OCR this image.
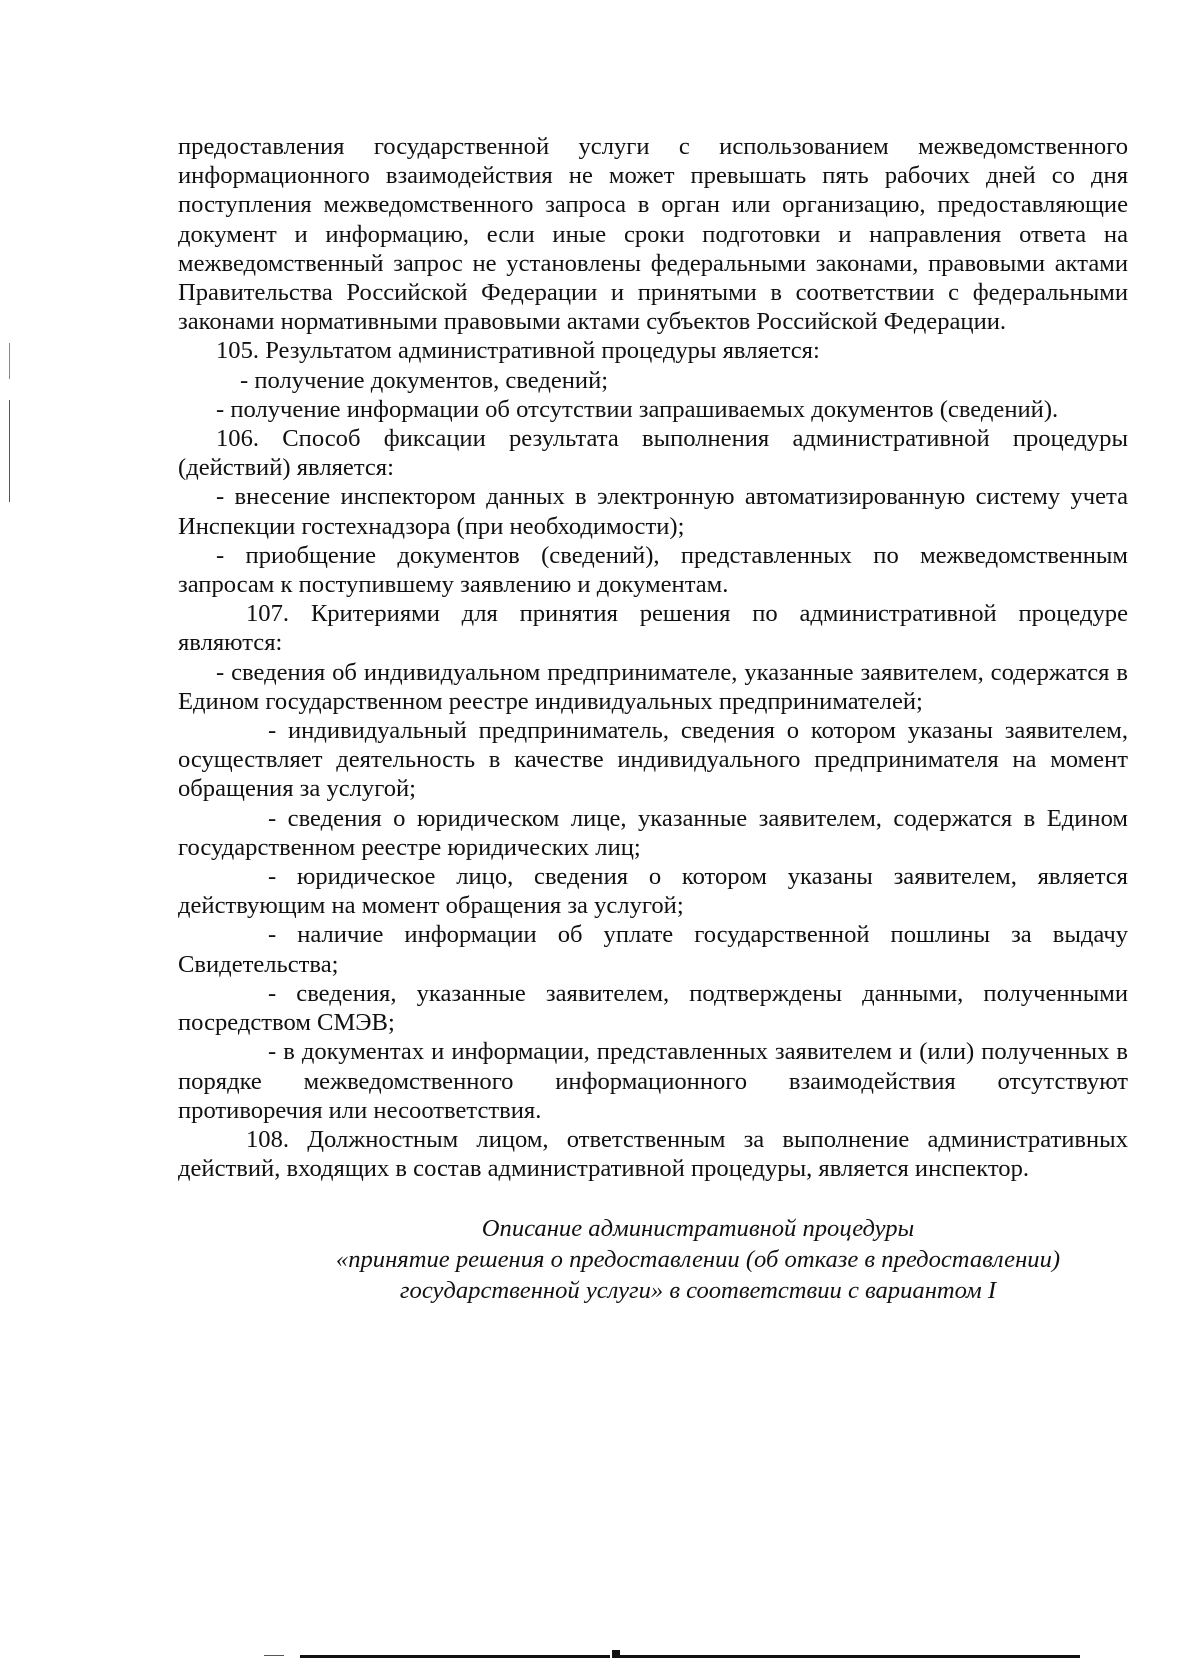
предоставления государственной услуги с использованием межведомственного информационного взаимодействия не может превышать пять рабочих дней со дня поступления межведомственного запроса в орган или организацию, предоставляющие документ и информацию, если иные сроки подготовки и направления ответа на межведомственный запрос не установлены федеральными законами, правовыми актами Правительства Российской Федерации и принятыми в соответствии с федеральными законами нормативными правовыми актами субъектов Российской Федерации.

105. Результатом административной процедуры является:

- получение документов, сведений;

- получение информации об отсутствии запрашиваемых документов (сведений).

106. Способ фиксации результата выполнения административной процедуры (действий) является:

- внесение инспектором данных в электронную автоматизированную систему учета Инспекции гостехнадзора (при необходимости);

- приобщение документов (сведений), представленных по межведомственным запросам к поступившему заявлению и документам.

107. Критериями для принятия решения по административной процедуре являются:

- сведения об индивидуальном предпринимателе, указанные заявителем, содержатся в Едином государственном реестре индивидуальных предпринимателей;

- индивидуальный предприниматель, сведения о котором указаны заявителем, осуществляет деятельность в качестве индивидуального предпринимателя на момент обращения за услугой;

- сведения о юридическом лице, указанные заявителем, содержатся в Едином государственном реестре юридических лиц;

- юридическое лицо, сведения о котором указаны заявителем, является действующим на момент обращения за услугой;

- наличие информации об уплате государственной пошлины за выдачу Свидетельства;

- сведения, указанные заявителем, подтверждены данными, полученными посредством СМЭВ;

- в документах и информации, представленных заявителем и (или) полученных в порядке межведомственного информационного взаимодействия отсутствуют противоречия или несоответствия.

108. Должностным лицом, ответственным за выполнение административных действий, входящих в состав административной процедуры, является инспектор.

Описание административной процедуры
«принятие решения о предоставлении (об отказе в предоставлении)
государственной услуги» в соответствии с вариантом I
